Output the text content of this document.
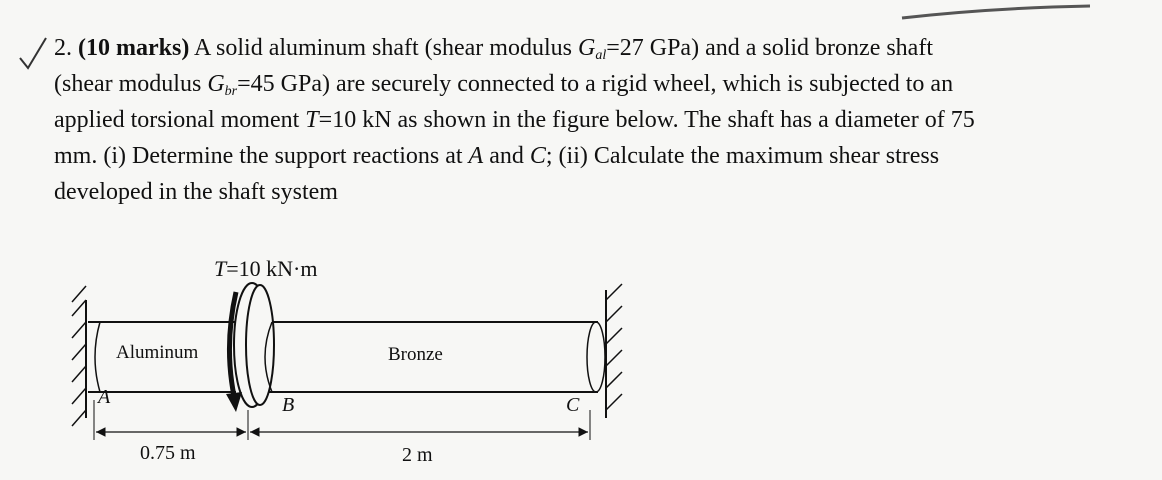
2. (10 marks) A solid aluminum shaft (shear modulus $G_{al}=27$ GPa) and a solid bronze shaft
(shear modulus $G_{br}=45$ GPa) are securely connected to a rigid wheel, which is subjected to an
applied torsional moment T=10 kN as shown in the figure below. The shaft has a diameter of 75
mm. (i) Determine the support reactions at A and C; (ii) Calculate the maximum shear stress
developed in the shaft system
T=10 kN·m
Aluminum	Bronze
A	B	C
0.75 m	2 m
